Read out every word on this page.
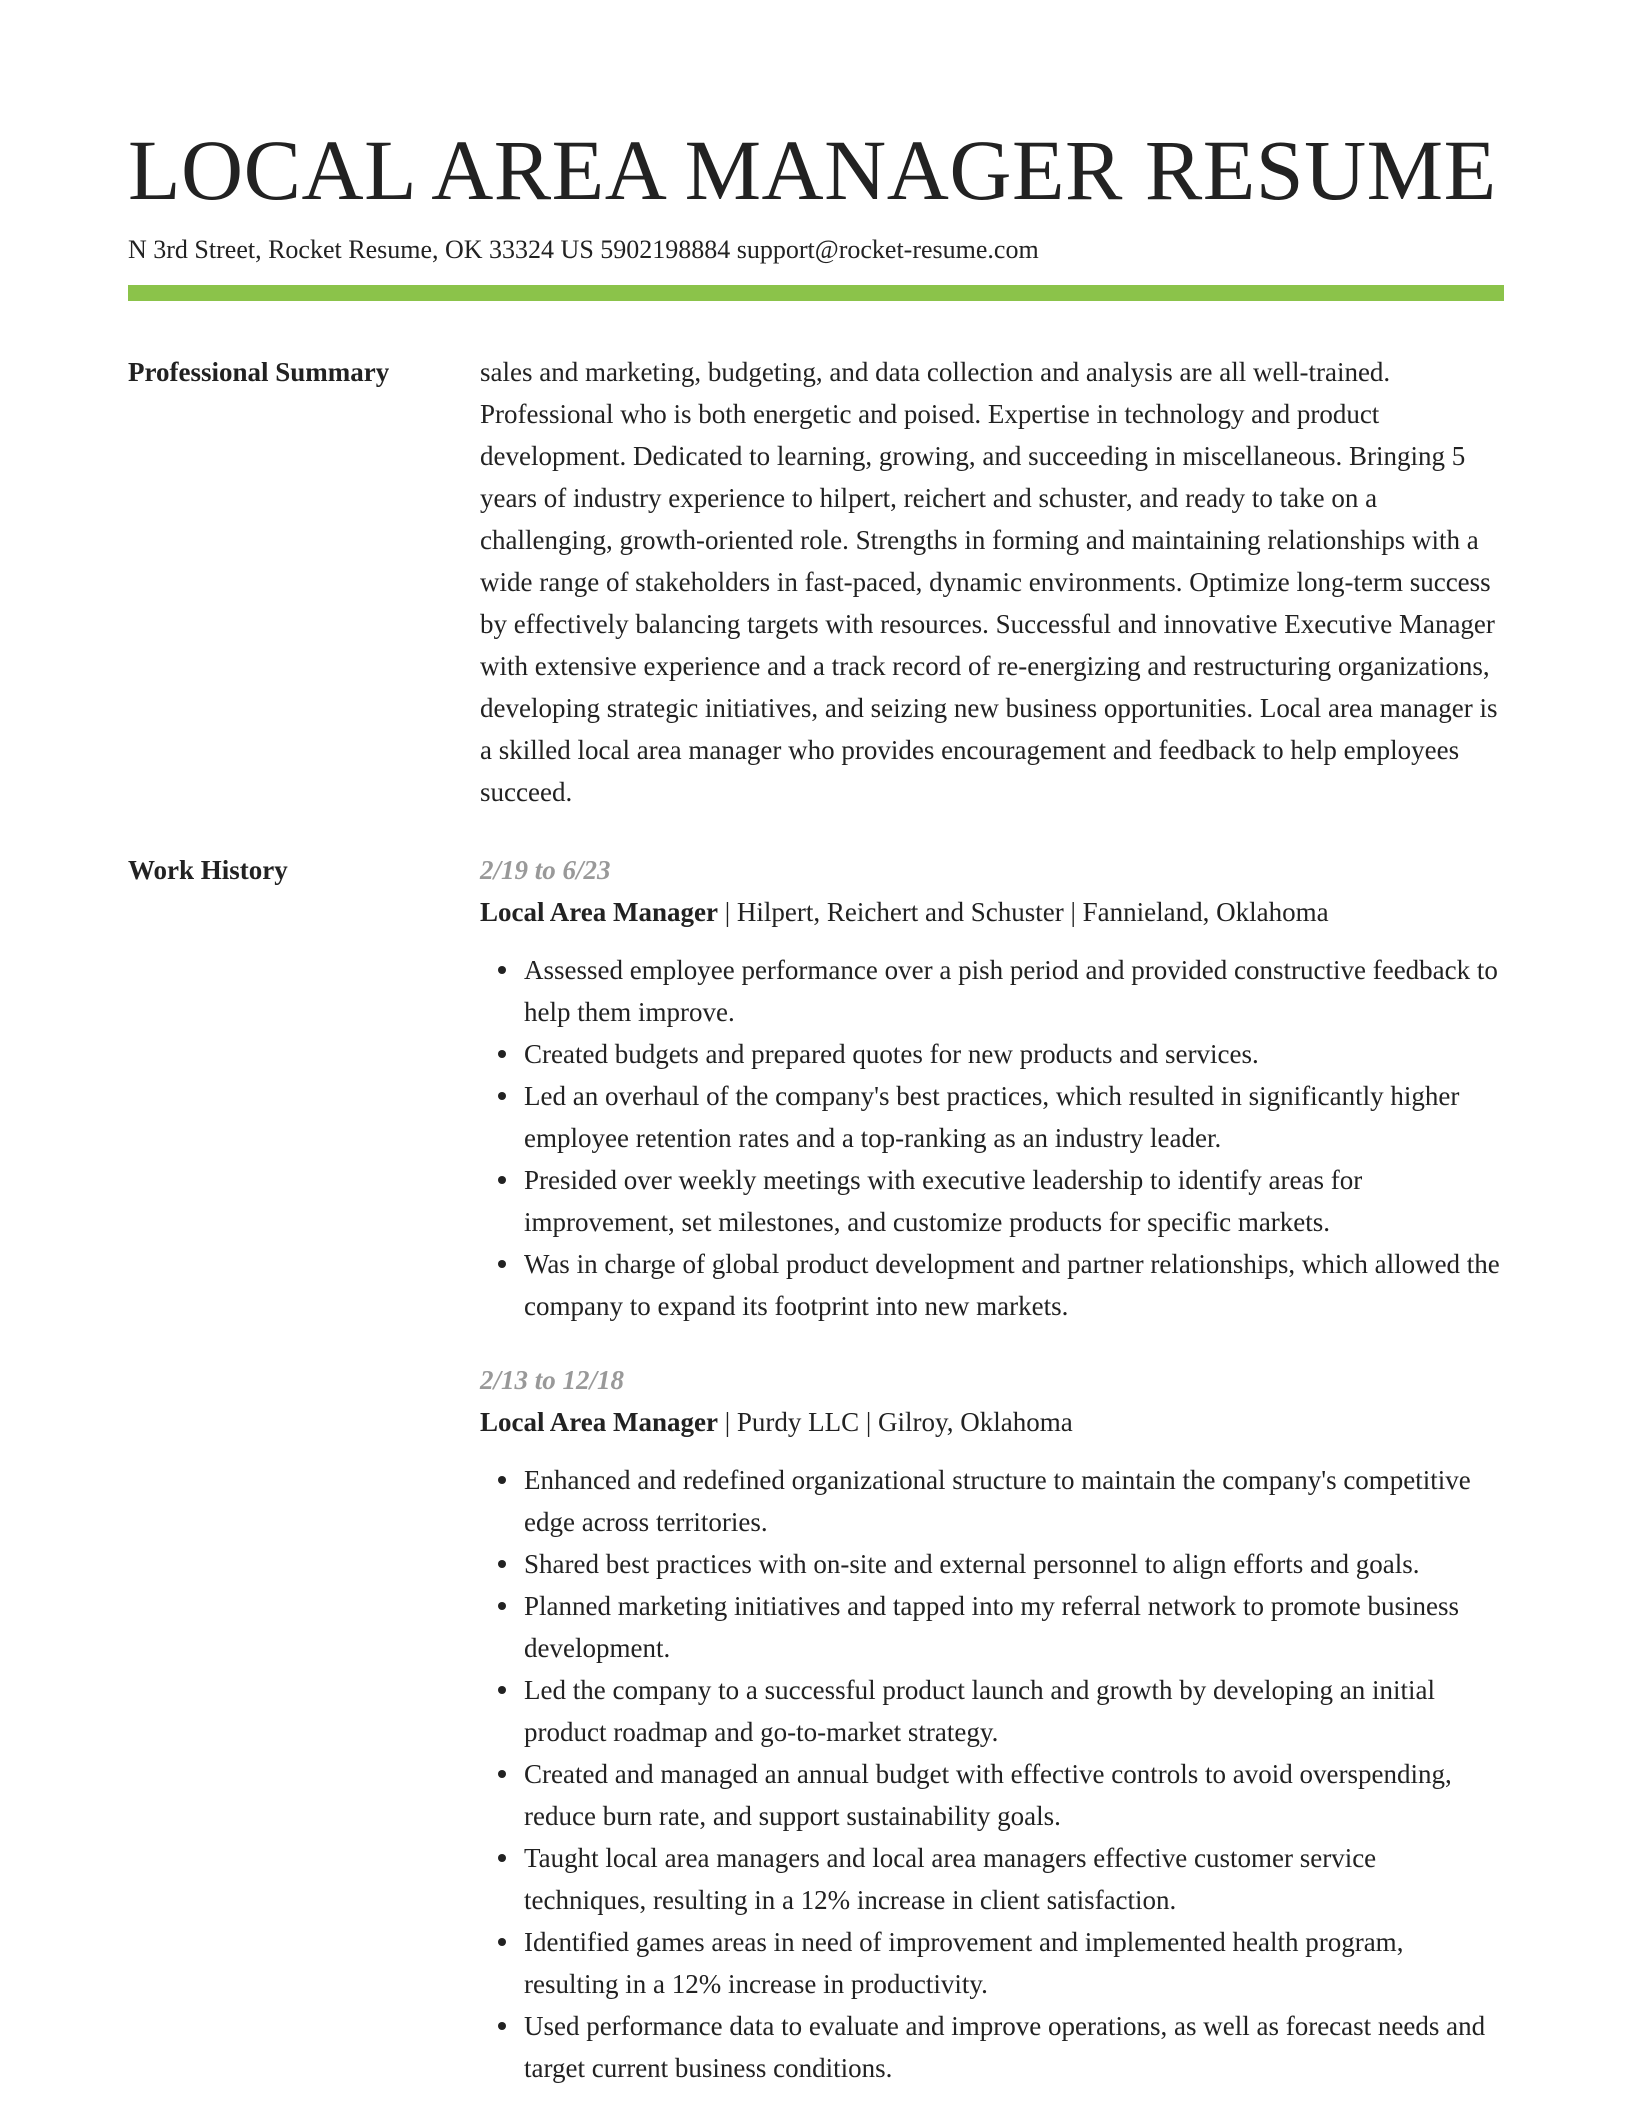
LOCAL AREA MANAGER RESUME
N 3rd Street, Rocket Resume, OK 33324 US 5902198884 support@rocket-resume.com
Professional Summary	sales and marketing, budgeting, and data collection and analysis are all well-trained. Professional who is both energetic and poised. Expertise in technology and product development. Dedicated to learning, growing, and succeeding in miscellaneous. Bringing 5 years of industry experience to hilpert, reichert and schuster, and ready to take on a challenging, growth-oriented role. Strengths in forming and maintaining relationships with a wide range of stakeholders in fast-paced, dynamic environments. Optimize long-term success by effectively balancing targets with resources. Successful and innovative Executive Manager with extensive experience and a track record of re-energizing and restructuring organizations, developing strategic initiatives, and seizing new business opportunities. Local area manager is a skilled local area manager who provides encouragement and feedback to help employees succeed.

Work History	2/19 to 6/23
Local Area Manager | Hilpert, Reichert and Schuster | Fannieland, Oklahoma
Assessed employee performance over a pish period and provided constructive feedback to help them improve.
Created budgets and prepared quotes for new products and services.
Led an overhaul of the company's best practices, which resulted in significantly higher employee retention rates and a top-ranking as an industry leader.
Presided over weekly meetings with executive leadership to identify areas for improvement, set milestones, and customize products for specific markets.
Was in charge of global product development and partner relationships, which allowed the company to expand its footprint into new markets.
2/13 to 12/18
Local Area Manager | Purdy LLC | Gilroy, Oklahoma
Enhanced and redefined organizational structure to maintain the company's competitive edge across territories.
Shared best practices with on-site and external personnel to align efforts and goals.
Planned marketing initiatives and tapped into my referral network to promote business development.
Led the company to a successful product launch and growth by developing an initial product roadmap and go-to-market strategy.
Created and managed an annual budget with effective controls to avoid overspending, reduce burn rate, and support sustainability goals.
Taught local area managers and local area managers effective customer service techniques, resulting in a 12% increase in client satisfaction.
Identified games areas in need of improvement and implemented health program, resulting in a 12% increase in productivity.
Used performance data to evaluate and improve operations, as well as forecast needs and target current business conditions.
